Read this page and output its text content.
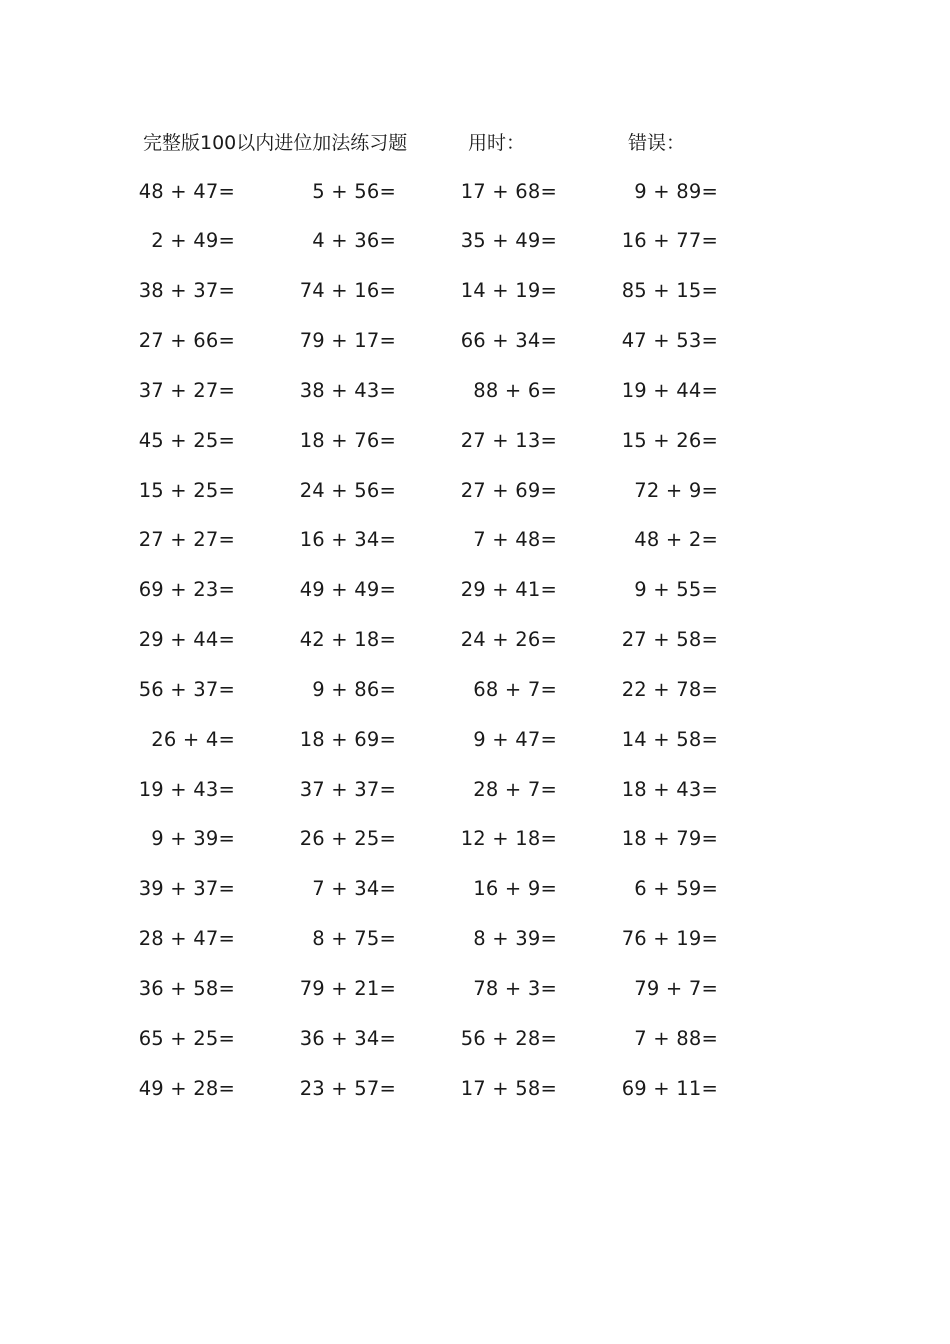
完整版100以内进位加法练习题	用时：	错误：
48 + 47=	5 + 56=	17 + 68=	9 + 89=
2 + 49=	4 + 36=	35 + 49=	16 + 77=
38 + 37=	74 + 16=	14 + 19=	85 + 15=
27 + 66=	79 + 17=	66 + 34=	47 + 53=
37 + 27=	38 + 43=	88 + 6=	19 + 44=
45 + 25=	18 + 76=	27 + 13=	15 + 26=
15 + 25=	24 + 56=	27 + 69=	72 + 9=
27 + 27=	16 + 34=	7 + 48=	48 + 2=
69 + 23=	49 + 49=	29 + 41=	9 + 55=
29 + 44=	42 + 18=	24 + 26=	27 + 58=
56 + 37=	9 + 86=	68 + 7=	22 + 78=
26 + 4=	18 + 69=	9 + 47=	14 + 58=
19 + 43=	37 + 37=	28 + 7=	18 + 43=
9 + 39=	26 + 25=	12 + 18=	18 + 79=
39 + 37=	7 + 34=	16 + 9=	6 + 59=
28 + 47=	8 + 75=	8 + 39=	76 + 19=
36 + 58=	79 + 21=	78 + 3=	79 + 7=
65 + 25=	36 + 34=	56 + 28=	7 + 88=
49 + 28=	23 + 57=	17 + 58=	69 + 11=
